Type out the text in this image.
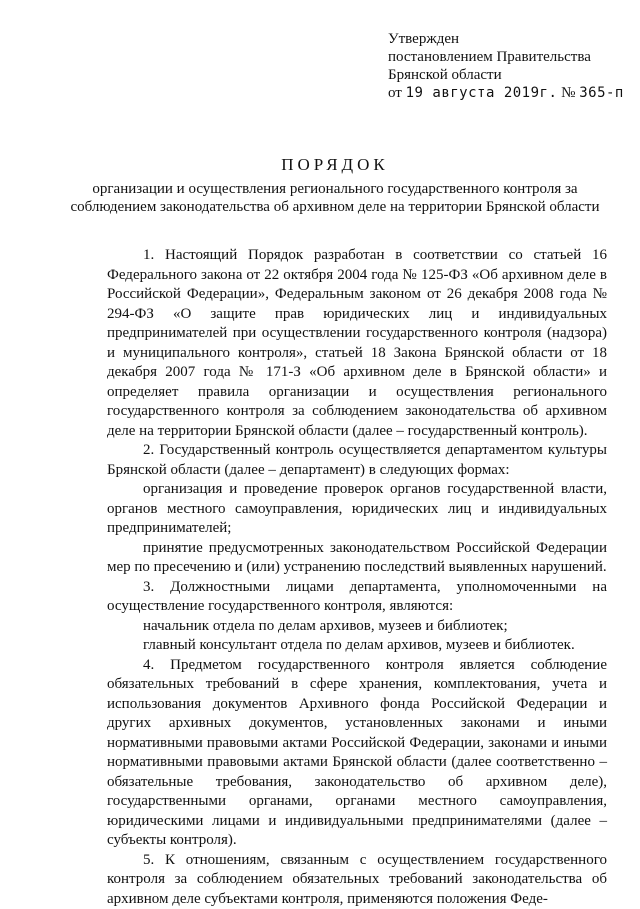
Утвержден
постановлением Правительства
Брянской области
от 19 августа 2019г. № 365-п
ПОРЯДОК
организации и осуществления регионального государственного контроля за соблюдением законодательства об архивном деле на территории Брянской области

1. Настоящий Порядок разработан в соответствии со статьей 16 Федерального закона от 22 октября 2004 года № 125-ФЗ «Об архивном деле в Российской Федерации», Федеральным законом от 26 декабря 2008 года № 294-ФЗ «О защите прав юридических лиц и индивидуальных предпринимателей при осуществлении государственного контроля (надзора) и муниципального контроля», статьей 18 Закона Брянской области от 18 декабря 2007 года № 171-З «Об архивном деле в Брянской области» и определяет правила организации и осуществления регионального государственного контроля за соблюдением законодательства об архивном деле на территории Брянской области (далее – государственный контроль).

2. Государственный контроль осуществляется департаментом культуры Брянской области (далее – департамент) в следующих формах:

организация и проведение проверок органов государственной власти, органов местного самоуправления, юридических лиц и индивидуальных предпринимателей;

принятие предусмотренных законодательством Российской Федерации мер по пресечению и (или) устранению последствий выявленных нарушений.

3. Должностными лицами департамента, уполномоченными на осуществление государственного контроля, являются:

начальник отдела по делам архивов, музеев и библиотек;

главный консультант отдела по делам архивов, музеев и библиотек.

4. Предметом государственного контроля является соблюдение обязательных требований в сфере хранения, комплектования, учета и использования документов Архивного фонда Российской Федерации и других архивных документов, установленных законами и иными нормативными правовыми актами Российской Федерации, законами и иными нормативными правовыми актами Брянской области (далее соответственно – обязательные требования, законодательство об архивном деле), государственными органами, органами местного самоуправления, юридическими лицами и индивидуальными предпринимателями (далее – субъекты контроля).

5. К отношениям, связанным с осуществлением государственного контроля за соблюдением обязательных требований законодательства об архивном деле субъектами контроля, применяются положения Феде-
